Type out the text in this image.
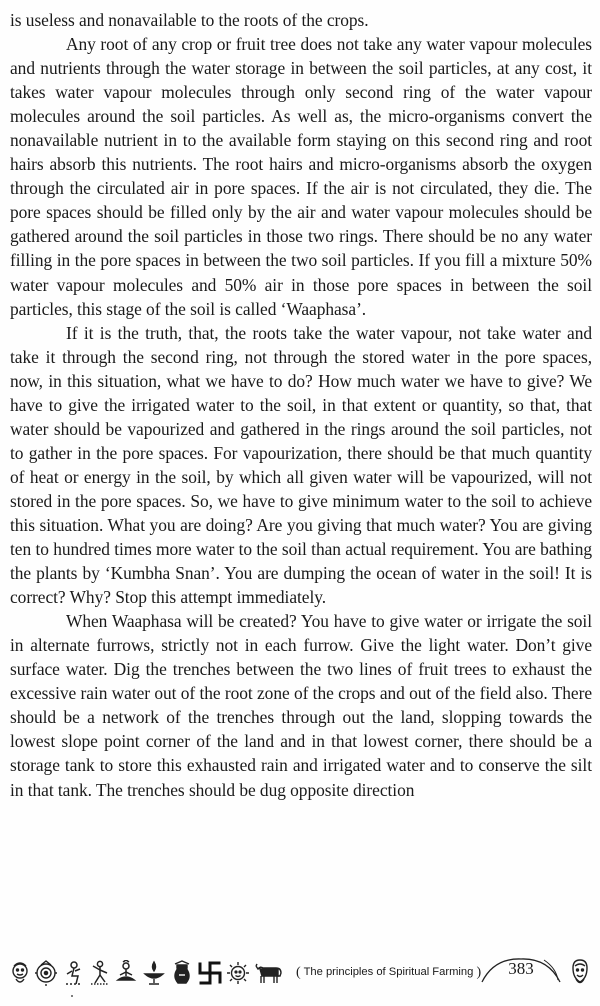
is useless and nonavailable to the roots of the crops.

Any root of any crop or fruit tree does not take any water vapour molecules and nutrients through the water storage in between the soil particles, at any cost, it takes water vapour molecules through only second ring of the water vapour molecules around the soil particles. As well as, the micro-organisms convert the nonavailable nutrient in to the available form staying on this second ring and root hairs absorb this nutrients. The root hairs and micro-organisms absorb the oxygen through the circulated air in pore spaces. If the air is not circulated, they die. The pore spaces should be filled only by the air and water vapour molecules should be gathered around the soil particles in those two rings. There should be no any water filling in the pore spaces in between the two soil particles. If you fill a mixture 50% water vapour molecules and 50% air in those pore spaces in between the soil particles, this stage of the soil is called ‘Waaphasa’.

If it is the truth, that, the roots take the water vapour, not take water and take it through the second ring, not through the stored water in the pore spaces, now, in this situation, what we have to do? How much water we have to give? We have to give the irrigated water to the soil, in that extent or quantity, so that, that water should be vapourized and gathered in the rings around the soil particles, not to gather in the pore spaces. For vapourization, there should be that much quantity of heat or energy in the soil, by which all given water will be vapourized, will not stored in the pore spaces. So, we have to give minimum water to the soil to achieve this situation. What you are doing? Are you giving that much water? You are giving ten to hundred times more water to the soil than actual requirement. You are bathing the plants by ‘Kumbha Snan’. You are dumping the ocean of water in the soil! It is correct? Why? Stop this attempt immediately.

When Waaphasa will be created? You have to give water or irrigate the soil in alternate furrows, strictly not in each furrow. Give the light water. Don’t give surface water. Dig the trenches between the two lines of fruit trees to exhaust the excessive rain water out of the root zone of the crops and out of the field also. There should be a network of the trenches through out the land, slopping towards the lowest slope point corner of the land and in that lowest corner, there should be a storage tank to store this exhausted rain and irrigated water and to conserve the silt in that tank. The trenches should be dug opposite direction

( The principles of Spiritual Farming )	383
